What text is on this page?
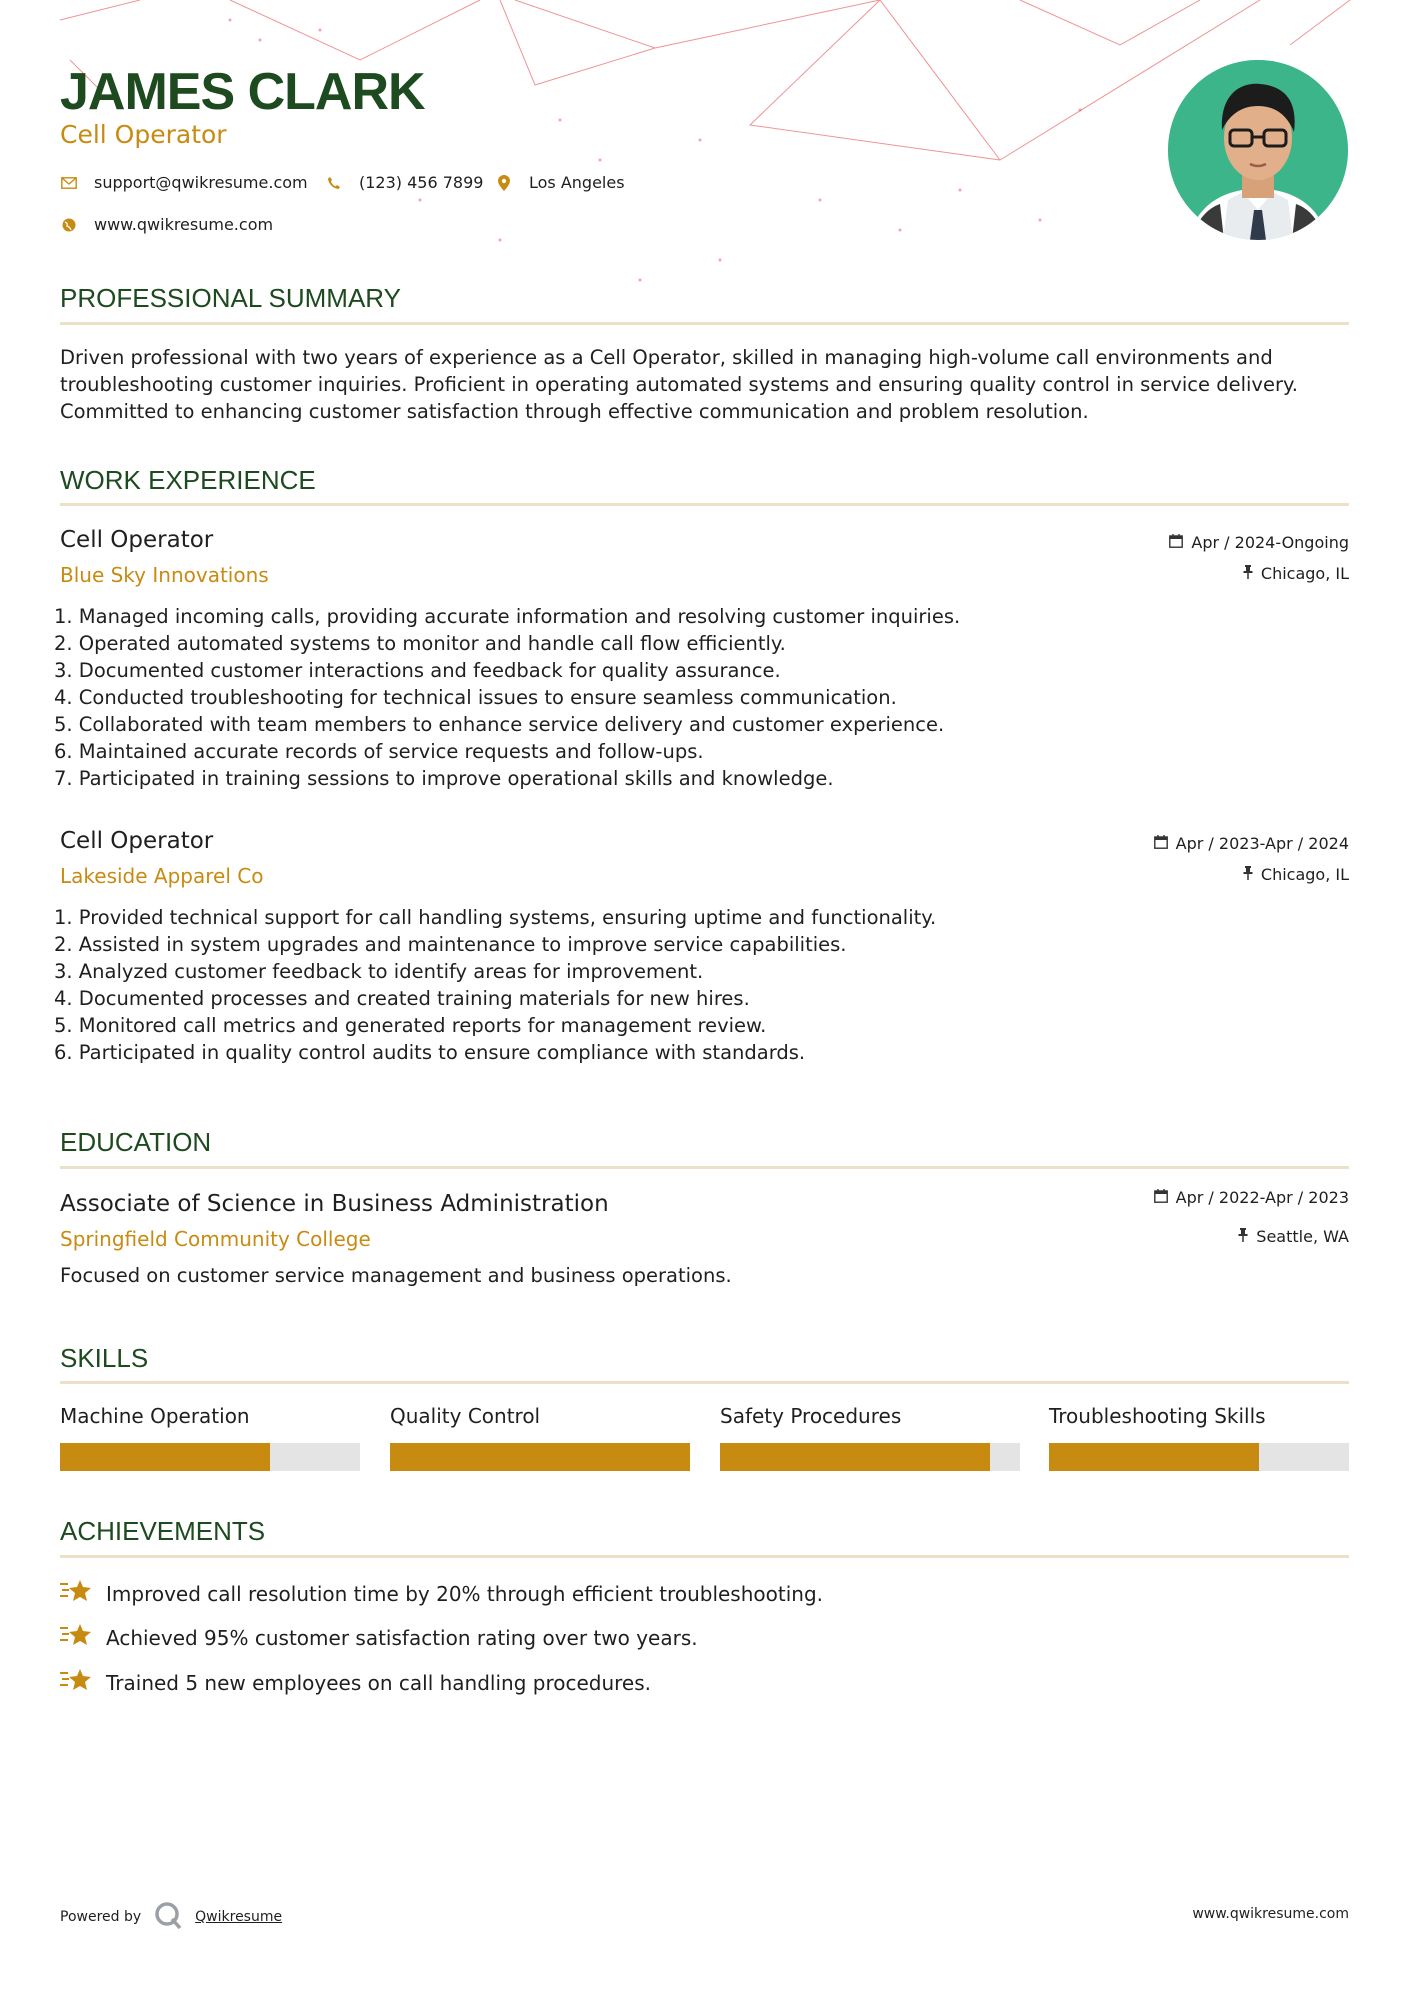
JAMES CLARK
Cell Operator
support@qwikresume.com	(123) 456 7899	Los Angeles
www.qwikresume.com
PROFESSIONAL SUMMARY
Driven professional with two years of experience as a Cell Operator, skilled in managing high-volume call environments and troubleshooting customer inquiries. Proficient in operating automated systems and ensuring quality control in service delivery. Committed to enhancing customer satisfaction through effective communication and problem resolution.
WORK EXPERIENCE
Cell Operator
Blue Sky Innovations
Apr / 2024-Ongoing
Chicago, IL
1. Managed incoming calls, providing accurate information and resolving customer inquiries.
2. Operated automated systems to monitor and handle call flow efficiently.
3. Documented customer interactions and feedback for quality assurance.
4. Conducted troubleshooting for technical issues to ensure seamless communication.
5. Collaborated with team members to enhance service delivery and customer experience.
6. Maintained accurate records of service requests and follow-ups.
7. Participated in training sessions to improve operational skills and knowledge.
Cell Operator
Lakeside Apparel Co
Apr / 2023-Apr / 2024
Chicago, IL
1. Provided technical support for call handling systems, ensuring uptime and functionality.
2. Assisted in system upgrades and maintenance to improve service capabilities.
3. Analyzed customer feedback to identify areas for improvement.
4. Documented processes and created training materials for new hires.
5. Monitored call metrics and generated reports for management review.
6. Participated in quality control audits to ensure compliance with standards.
EDUCATION
Associate of Science in Business Administration
Springfield Community College
Apr / 2022-Apr / 2023
Seattle, WA
Focused on customer service management and business operations.
SKILLS
Machine Operation	Quality Control	Safety Procedures	Troubleshooting Skills
ACHIEVEMENTS
Improved call resolution time by 20% through efficient troubleshooting.
Achieved 95% customer satisfaction rating over two years.
Trained 5 new employees on call handling procedures.
Powered by	Qwikresume	www.qwikresume.com
